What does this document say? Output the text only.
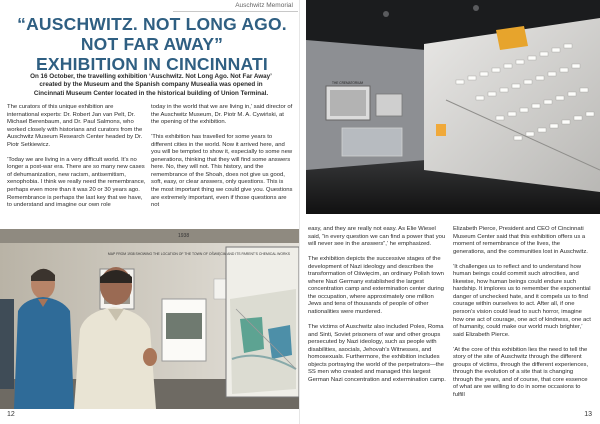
Auschwitz Memorial
“AUSCHWITZ. NOT LONG AGO.
NOT FAR AWAY”
EXHIBITION IN CINCINNATI

On 16 October, the travelling exhibition ‘Auschwitz. Not Long Ago. Not Far Away’ created by the Museum and the Spanish company Musealia was opened in Cincinnati Museum Center located in the historical building of Union Terminal.

The curators of this unique exhibition are international experts: Dr. Robert Jan van Pelt, Dr. Michael Berenbaum, and Dr. Paul Salmons, who worked closely with historians and curators from the Auschwitz Museum Research Center headed by Dr. Piotr Setkiewicz.

‘Today we are living in a very difficult world. It’s no longer a post-war era. There are so many new cases of dehumanization, new racism, antisemitism, xenophobia. I think we really need the remembrance, perhaps even more than it was 20 or 30 years ago. Remembrance is perhaps the last key that we have, to understand and imagine our own role

today in the world that we are living in,’ said director of the Auschwitz Museum, Dr. Piotr M. A. Cywiński, at the opening of the exhibition.

‘This exhibition has travelled for some years to different cities in the world. Now it arrived here, and you will be tempted to show it, especially to some new generations, thinking that they will find some answers here. No, they will not. This history, and the remembrance of the Shoah, does not give us good, soft, easy, or clear answers, only questions. This is the most important thing we could give you. Questions are extremely important, even if those questions are not

MAP FROM 1938 SHOWING THE LOCATION OF THE TOWN OF OŚWIĘCIM AND ITS PARENT'S CHEMICAL WORKS
1938
12
THE CREMATORIUM

easy, and they are really not easy. As Elie Wiesel said, “in every question we can find a power that you will never see in the answers”,’ he emphasized.

The exhibition depicts the successive stages of the development of Nazi ideology and describes the transformation of Oświęcim, an ordinary Polish town where Nazi Germany established the largest concentration camp and extermination center during the occupation, where approximately one million Jews and tens of thousands of people of other nationalities were murdered.

The victims of Auschwitz also included Poles, Roma and Sinti, Soviet prisoners of war and other groups persecuted by Nazi ideology, such as people with disabilities, asocials, Jehovah’s Witnesses, and homosexuals. Furthermore, the exhibition includes objects portraying the world of the perpetrators—the SS men who created and managed this largest German Nazi concentration and extermination camp.

Elizabeth Pierce, President and CEO of Cincinnati Museum Center said that this exhibition offers us a moment of remembrance of the lives, the generations, and the communities lost in Auschwitz.

‘It challenges us to reflect and to understand how human beings could commit such atrocities, and likewise, how human beings could endure such hardship. It implores us to remember the exponential danger of unchecked hate, and it compels us to find courage within ourselves to act. After all, if one person’s vision could lead to such horror, imagine how one act of courage, one act of kindness, one act of humanity, could make our world much brighter,’ said Elizabeth Pierce.

‘At the core of this exhibition lies the need to tell the story of the site of Auschwitz through the different groups of victims, through the different experiences, through the evolution of a site that is changing through the years, and of course, that core essence of what are we willing to do in some occasions to fulfill

13
